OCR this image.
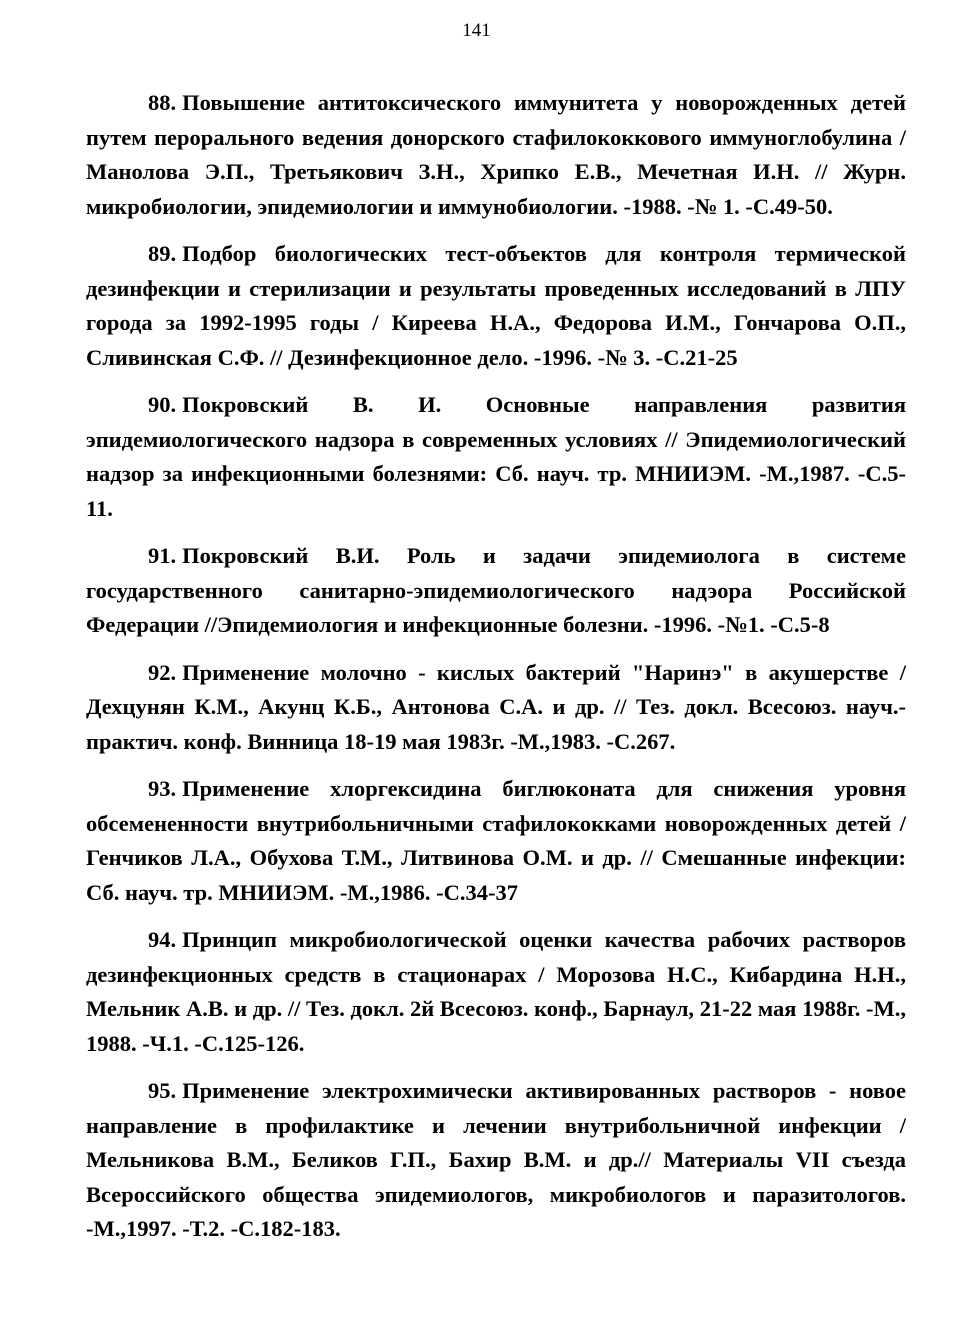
141

88. Повышение антитоксического иммунитета у новорожденных детей путем перорального ведения донорского стафилококкового иммуноглобулина /Манолова Э.П., Третьякович З.Н., Хрипко Е.В., Мечетная И.Н. // Журн. микробиологии, эпидемиологии и иммунобиологии. -1988. -№ 1. -С.49-50.

89. Подбор биологических тест-объектов для контроля термической дезинфекции и стерилизации и результаты проведенных исследований в ЛПУ города за 1992-1995 годы / Киреева Н.А., Федорова И.М., Гончарова О.П., Сливинская С.Ф. // Дезинфекционное дело. -1996. -№ 3. -С.21-25

90. Покровский В. И. Основные направления развития эпидемиологического надзора в современных условиях // Эпидемиологический надзор за инфекционными болезнями: Сб. науч. тр. МНИИЭМ. -М.,1987. -С.5-11.

91. Покровский В.И. Роль и задачи эпидемиолога в системе государственного санитарно-эпидемиологического надэора Российской Федерации //Эпидемиология и инфекционные болезни. -1996. -№1. -С.5-8

92. Применение молочно - кислых бактерий "Наринэ" в акушерстве / Дехцунян К.М., Акунц К.Б., Антонова С.А. и др. // Тез. докл. Всесоюз. науч.-практич. конф. Винница 18-19 мая 1983г. -М.,1983. -С.267.

93. Применение хлоргексидина биглюконата для снижения уровня обсемененности внутрибольничными стафилококками новорожденных детей / Генчиков Л.А., Обухова Т.М., Литвинова О.М. и др. // Смешанные инфекции: Сб. науч. тр. МНИИЭМ. -М.,1986. -С.34-37

94. Принцип микробиологической оценки качества рабочих растворов дезинфекционных средств в стационарах / Морозова Н.С., Кибардина Н.Н., Мельник А.В. и др. // Тез. докл. 2й Всесоюз. конф., Барнаул, 21-22 мая 1988г. -М., 1988. -Ч.1. -С.125-126.

95. Применение электрохимически активированных растворов - новое направление в профилактике и лечении внутрибольничной инфекции / Мельникова В.М., Беликов Г.П., Бахир В.М. и др.// Материалы VII съезда Всероссийского общества эпидемиологов, микробиологов и паразитологов. -М.,1997. -Т.2. -С.182-183.
